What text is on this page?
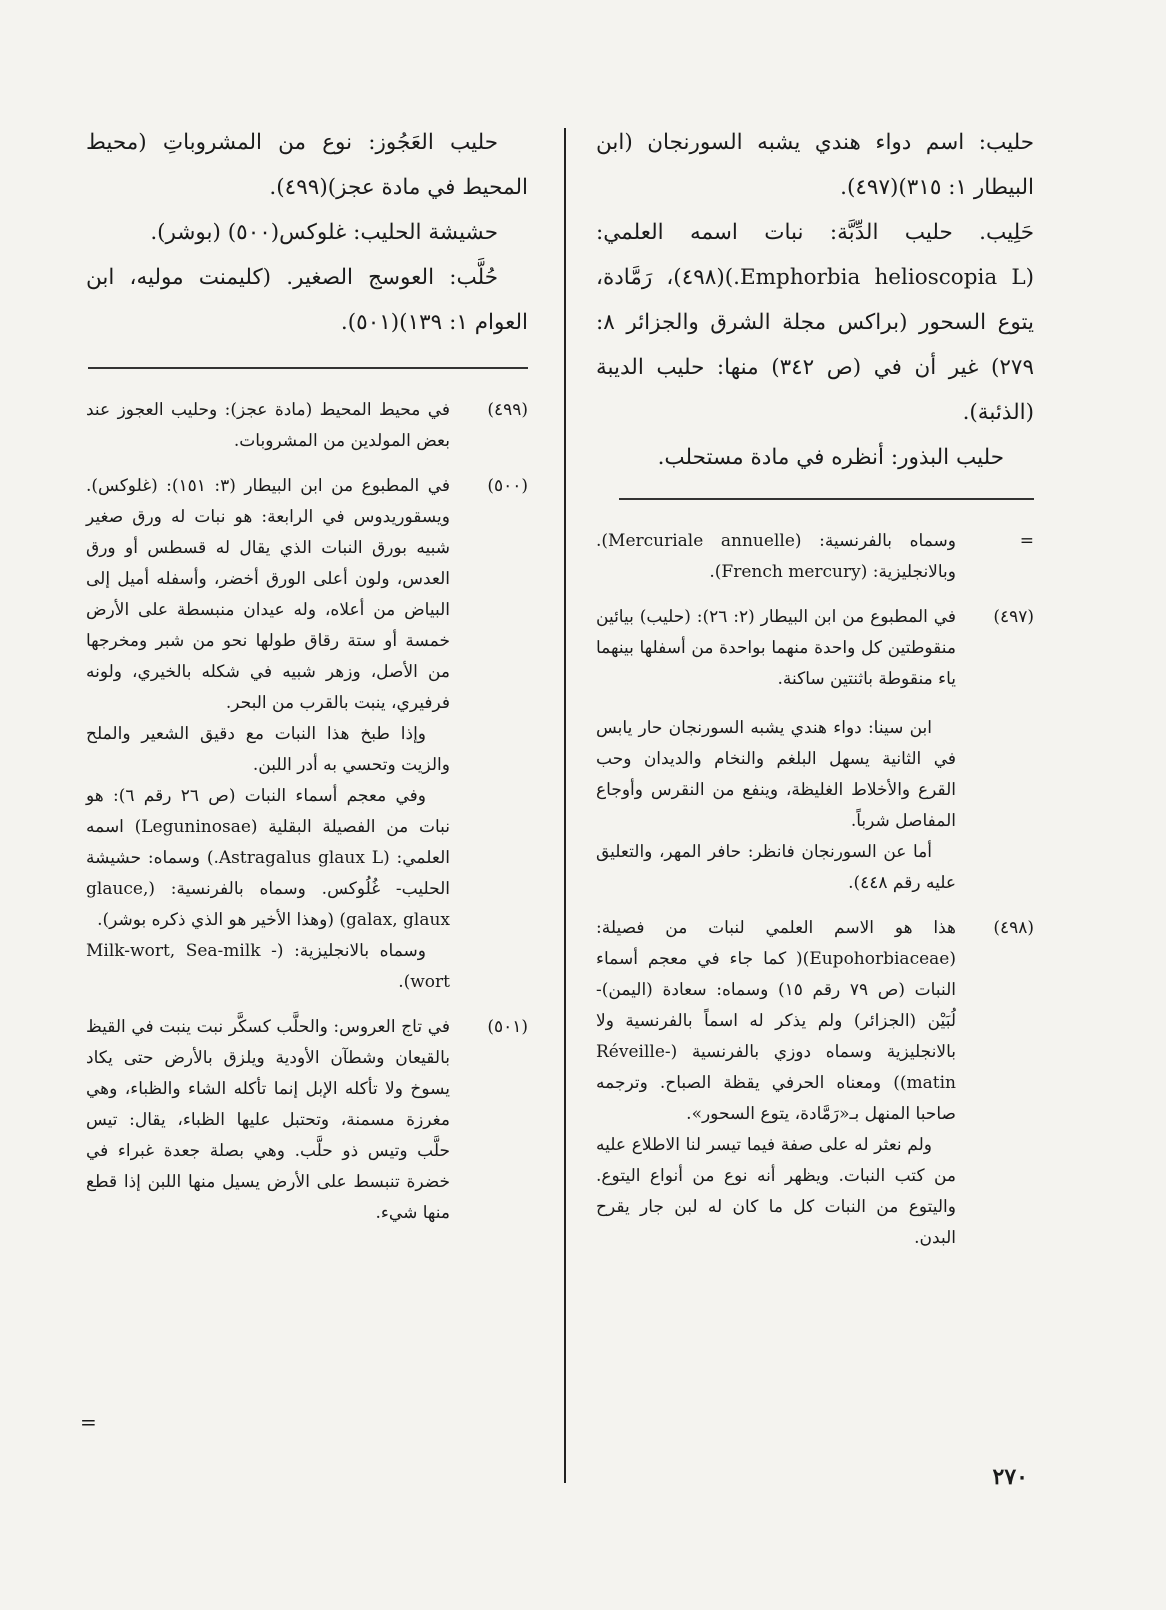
حليب: اسم دواء هندي يشبه السورنجان (ابن البيطار ١: ٣١٥)(٤٩٧).

حَلِيب. حليب الدِّبَّة: نبات اسمه العلمي: (Emphorbia helioscopia L.)(٤٩٨)، رَمَّادة، يتوع السحور (براكس مجلة الشرق والجزائر ٨: ٢٧٩) غير أن في (ص ٣٤٢) منها: حليب الديبة (الذئبة).

حليب البذور: أنظره في مادة مستحلب.

=

وسماه بالفرنسية: (Mercuriale annuelle). وبالانجليزية: (French mercury).

(٤٩٧)

في المطبوع من ابن البيطار (٢: ٢٦): (حليب) بيائين منقوطتين كل واحدة منهما بواحدة من أسفلها بينهما ياء منقوطة باثنتين ساكنة.

ابن سينا: دواء هندي يشبه السورنجان حار يابس في الثانية يسهل البلغم والنخام والديدان وحب القرع والأخلاط الغليظة، وينفع من النقرس وأوجاع المفاصل شرباً.

أما عن السورنجان فانظر: حافر المهر، والتعليق عليه رقم ٤٤٨).

(٤٩٨)

هذا هو الاسم العلمي لنبات من فصيلة: (Eupohorbiaceae)( كما جاء في معجم أسماء النبات (ص ٧٩ رقم ١٥) وسماه: سعادة (اليمن)- لُبَيْن (الجزائر) ولم يذكر له اسماً بالفرنسية ولا بالانجليزية وسماه دوزي بالفرنسية (Réveille-matin)) ومعناه الحرفي يقظة الصباح. وترجمه صاحبا المنهل بـ«رَمَّادة، يتوع السحور».

ولم نعثر له على صفة فيما تيسر لنا الاطلاع عليه من كتب النبات. ويظهر أنه نوع من أنواع اليتوع. واليتوع من النبات كل ما كان له لبن جار يقرح البدن.

حليب العَجُوز: نوع من المشروباتِ (محيط المحيط في مادة عجز)(٤٩٩).

حشيشة الحليب: غلوكس(٥٠٠) (بوشر).

حُلَّب: العوسج الصغير. (كليمنت موليه، ابن العوام ١: ١٣٩)(٥٠١).

(٤٩٩)

في محيط المحيط (مادة عجز): وحليب العجوز عند بعض المولدين من المشروبات.

(٥٠٠)

في المطبوع من ابن البيطار (٣: ١٥١): (غلوكس). ويسقوريدوس في الرابعة: هو نبات له ورق صغير شبيه بورق النبات الذي يقال له قسطس أو ورق العدس، ولون أعلى الورق أخضر، وأسفله أميل إلى البياض من أعلاه، وله عيدان منبسطة على الأرض خمسة أو ستة رقاق طولها نحو من شبر ومخرجها من الأصل، وزهر شبيه في شكله بالخيري، ولونه فرفيري، ينبت بالقرب من البحر.

وإذا طبخ هذا النبات مع دقيق الشعير والملح والزيت وتحسي به أدر اللبن.

وفي معجم أسماء النبات (ص ٢٦ رقم ٦): هو نبات من الفصيلة البقلية (Leguninosae) اسمه العلمي: (Astragalus glaux L.) وسماه: حشيشة الحليب- غُلُوكس. وسماه بالفرنسية: (glauce, galax, glaux) (وهذا الأخير هو الذي ذكره بوشر).

وسماه بالانجليزية: (Milk-wort, Sea-milk -wort).

(٥٠١)

في تاج العروس: والحلَّب كسكَّر نبت ينبت في القيظ بالقيعان وشطآن الأودية ويلزق بالأرض حتى يكاد يسوخ ولا تأكله الإبل إنما تأكله الشاء والظباء، وهي مغرزة مسمنة، وتحتبل عليها الظباء، يقال: تيس حلَّب وتيس ذو حلَّب. وهي بصلة جعدة غبراء في خضرة تنبسط على الأرض يسيل منها اللبن إذا قطع منها شيء.

=
٢٧٠
